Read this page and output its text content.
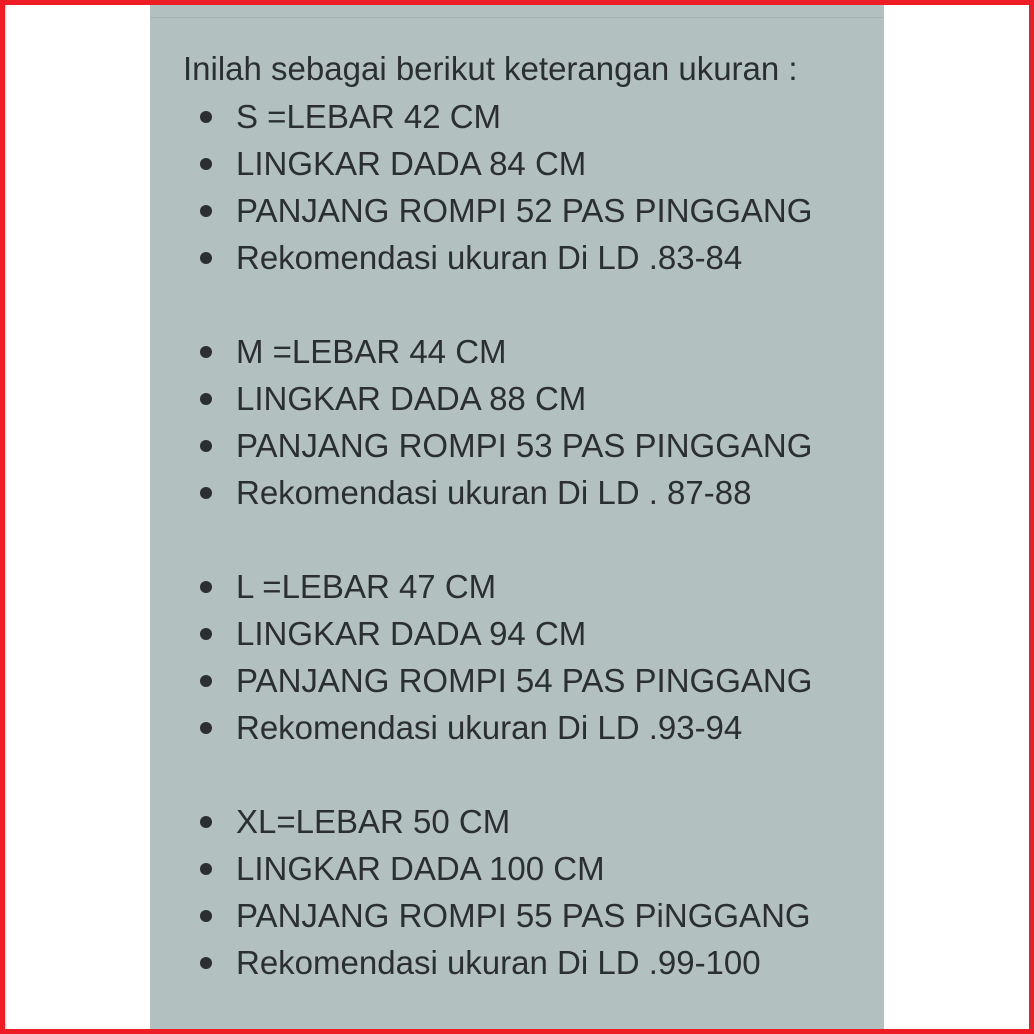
Inilah sebagai berikut keterangan ukuran :

S =LEBAR 42 CM
LINGKAR DADA 84 CM
PANJANG ROMPI 52 PAS PINGGANG
Rekomendasi ukuran Di LD .83-84
M =LEBAR 44 CM
LINGKAR DADA 88 CM
PANJANG ROMPI 53 PAS PINGGANG
Rekomendasi ukuran Di LD . 87-88
L =LEBAR 47 CM
LINGKAR DADA 94 CM
PANJANG ROMPI 54 PAS PINGGANG
Rekomendasi ukuran Di LD .93-94
XL=LEBAR 50 CM
LINGKAR DADA 100 CM
PANJANG ROMPI 55 PAS PiNGGANG
Rekomendasi ukuran Di LD .99-100
